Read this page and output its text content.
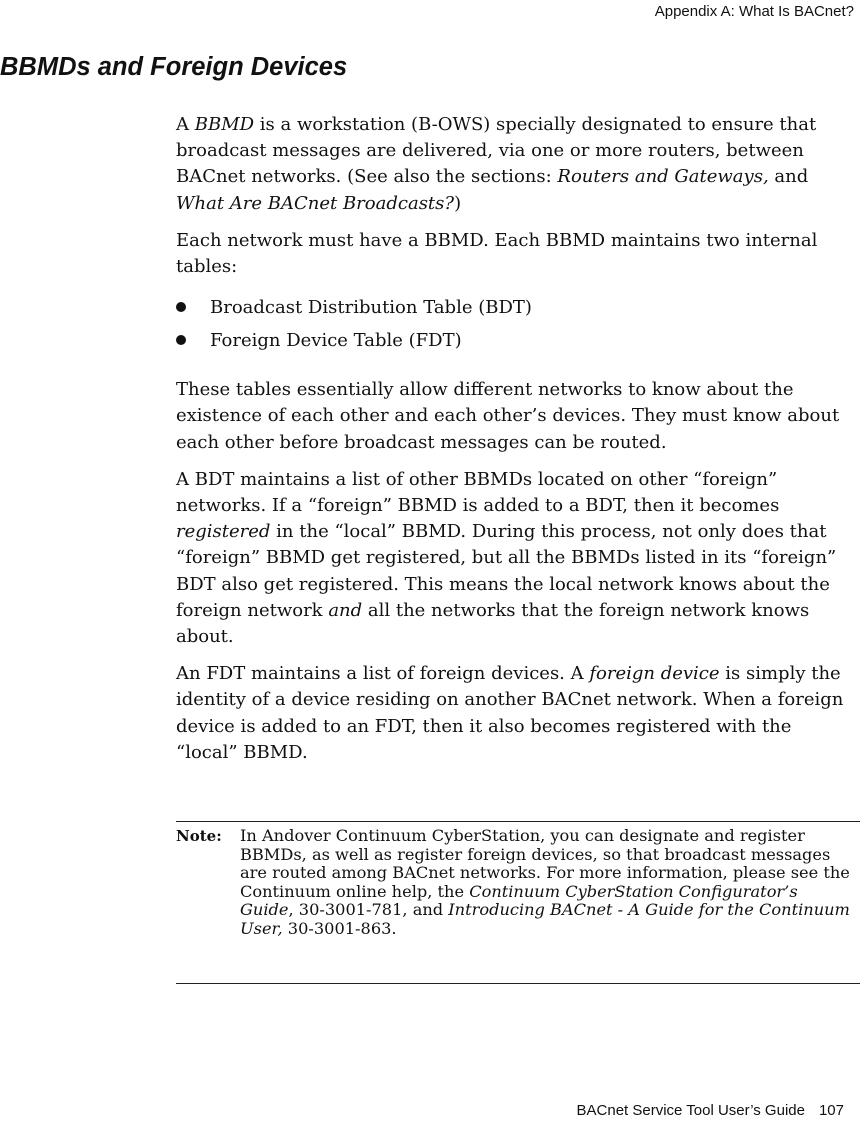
Appendix A: What Is BACnet?
BBMDs and Foreign Devices

A BBMD is a workstation (B-OWS) specially designated to ensure that broadcast messages are delivered, via one or more routers, between BACnet networks. (See also the sections: Routers and Gateways, and What Are BACnet Broadcasts?)

Each network must have a BBMD. Each BBMD maintains two internal tables:

Broadcast Distribution Table (BDT)
Foreign Device Table (FDT)

These tables essentially allow different networks to know about the existence of each other and each other’s devices. They must know about each other before broadcast messages can be routed.

A BDT maintains a list of other BBMDs located on other “foreign” networks. If a “foreign” BBMD is added to a BDT, then it becomes registered in the “local” BBMD. During this process, not only does that “foreign” BBMD get registered, but all the BBMDs listed in its “foreign” BDT also get registered. This means the local network knows about the foreign network and all the networks that the foreign network knows about.

An FDT maintains a list of foreign devices. A foreign device is simply the identity of a device residing on another BACnet network. When a foreign device is added to an FDT, then it also becomes registered with the “local” BBMD.

Note: In Andover Continuum CyberStation, you can designate and register BBMDs, as well as register foreign devices, so that broadcast messages are routed among BACnet networks. For more information, please see the Continuum online help, the Continuum CyberStation Configurator’s Guide, 30-3001-781, and Introducing BACnet - A Guide for the Continuum User, 30-3001-863.
BACnet Service Tool User’s Guide 107
